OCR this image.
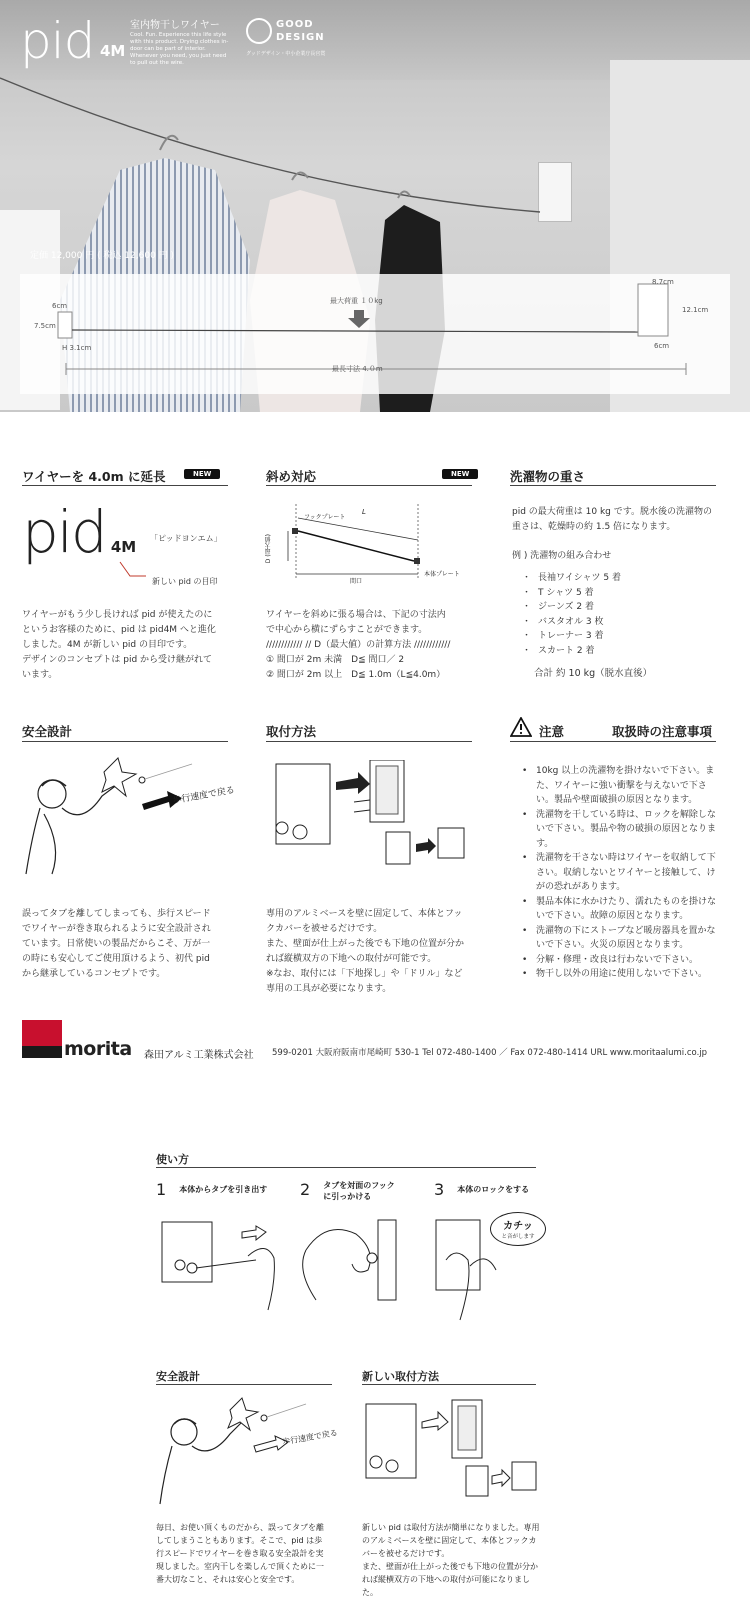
pid 4M
室内物干しワイヤー
Cool. Fun. Experience this life style with this product. Drying clothes in-door can be part of interior. Whenever you need, you just need to pull out the wire.
GOOD
DESIGN
グッドデザイン・中小企業庁長官賞
定価 12,000 円 ( 税込 12,600 円 )
6cm
7.5cm
H 3.1cm
最大荷重 １０kg
最長寸法 4.０m
8.7cm
12.1cm
6cm
ワイヤーを 4.0m に延長	NEW
pid 4M 「ピッドヨンエム」
新しい pid の目印
ワイヤーがもう少し長ければ pid が使えたのに
というお客様のために、pid は pid4M へと進化
しました。4M が新しい pid の目印です。
デザインのコンセプトは pid から受け継がれて
います。
斜め対応	NEW
フックプレート
L
D (最大値)
間口
本体プレート
ワイヤーを斜めに張る場合は、下記の寸法内
で中心から横にずらすことができます。
//////////// // D（最大値）の計算方法 ////////////
① 間口が 2m 未満　D≦ 間口／ 2
② 間口が 2m 以上　D≦ 1.0m（L≦4.0m）
洗濯物の重さ
pid の最大荷重は 10 kg です。脱水後の洗濯物の
重さは、乾燥時の約 1.5 倍になります。
例 ) 洗濯物の組み合わせ
・ 長袖ワイシャツ 5 着
・ T シャツ 5 着
・ ジーンズ 2 着
・ バスタオル 3 枚
・ トレーナー 3 着
・ スカート 2 着
合計 約 10 kg（脱水直後）
安全設計
歩行速度で戻る
誤ってタブを離してしまっても、歩行スピード
でワイヤーが巻き取られるように安全設計され
ています。日常使いの製品だからこそ、万が一
の時にも安心してご使用頂けるよう、初代 pid
から継承しているコンセプトです。
取付方法
専用のアルミベースを壁に固定して、本体とフッ
クカバーを被せるだけです。
また、壁面が仕上がった後でも下地の位置が分か
れば縦横双方の下地への取付が可能です。
※なお、取付には「下地探し」や「ドリル」など
専用の工具が必要になります。
注意	取扱時の注意事項
• 10kg 以上の洗濯物を掛けないで下さい。また、ワイヤーに強い衝撃を与えないで下さい。製品や壁面破損の原因となります。
• 洗濯物を干している時は、ロックを解除しないで下さい。製品や物の破損の原因となります。
• 洗濯物を干さない時はワイヤーを収納して下さい。収納しないとワイヤーと接触して、けがの恐れがあります。
• 製品本体に水かけたり、濡れたものを掛けないで下さい。故障の原因となります。
• 洗濯物の下にストーブなど暖房器具を置かないで下さい。火災の原因となります。
• 分解・修理・改良は行わないで下さい。
• 物干し以外の用途に使用しないで下さい。
morita 森田アルミ工業株式会社 599-0201 大阪府阪南市尾崎町 530-1 Tel 072-480-1400 ／ Fax 072-480-1414 URL www.moritaalumi.co.jp
使い方
1 本体からタブを引き出す 2 タブを対面のフック
に引っかける	3 本体のロックをする
カチッ
と音がします
安全設計
歩行速度で戻る
毎日、お使い頂くものだから、誤ってタブを離
してしまうこともあります。そこで、pid は歩
行スピードでワイヤーを巻き取る安全設計を実
現しました。室内干しを楽しんで頂くために一
番大切なこと、それは安心と安全です。
新しい取付方法
新しい pid は取付方法が簡単になりました。専用
のアルミベースを壁に固定して、本体とフックカ
バーを被せるだけです。
また、壁面が仕上がった後でも下地の位置が分か
れば縦横双方の下地への取付が可能になりました。
